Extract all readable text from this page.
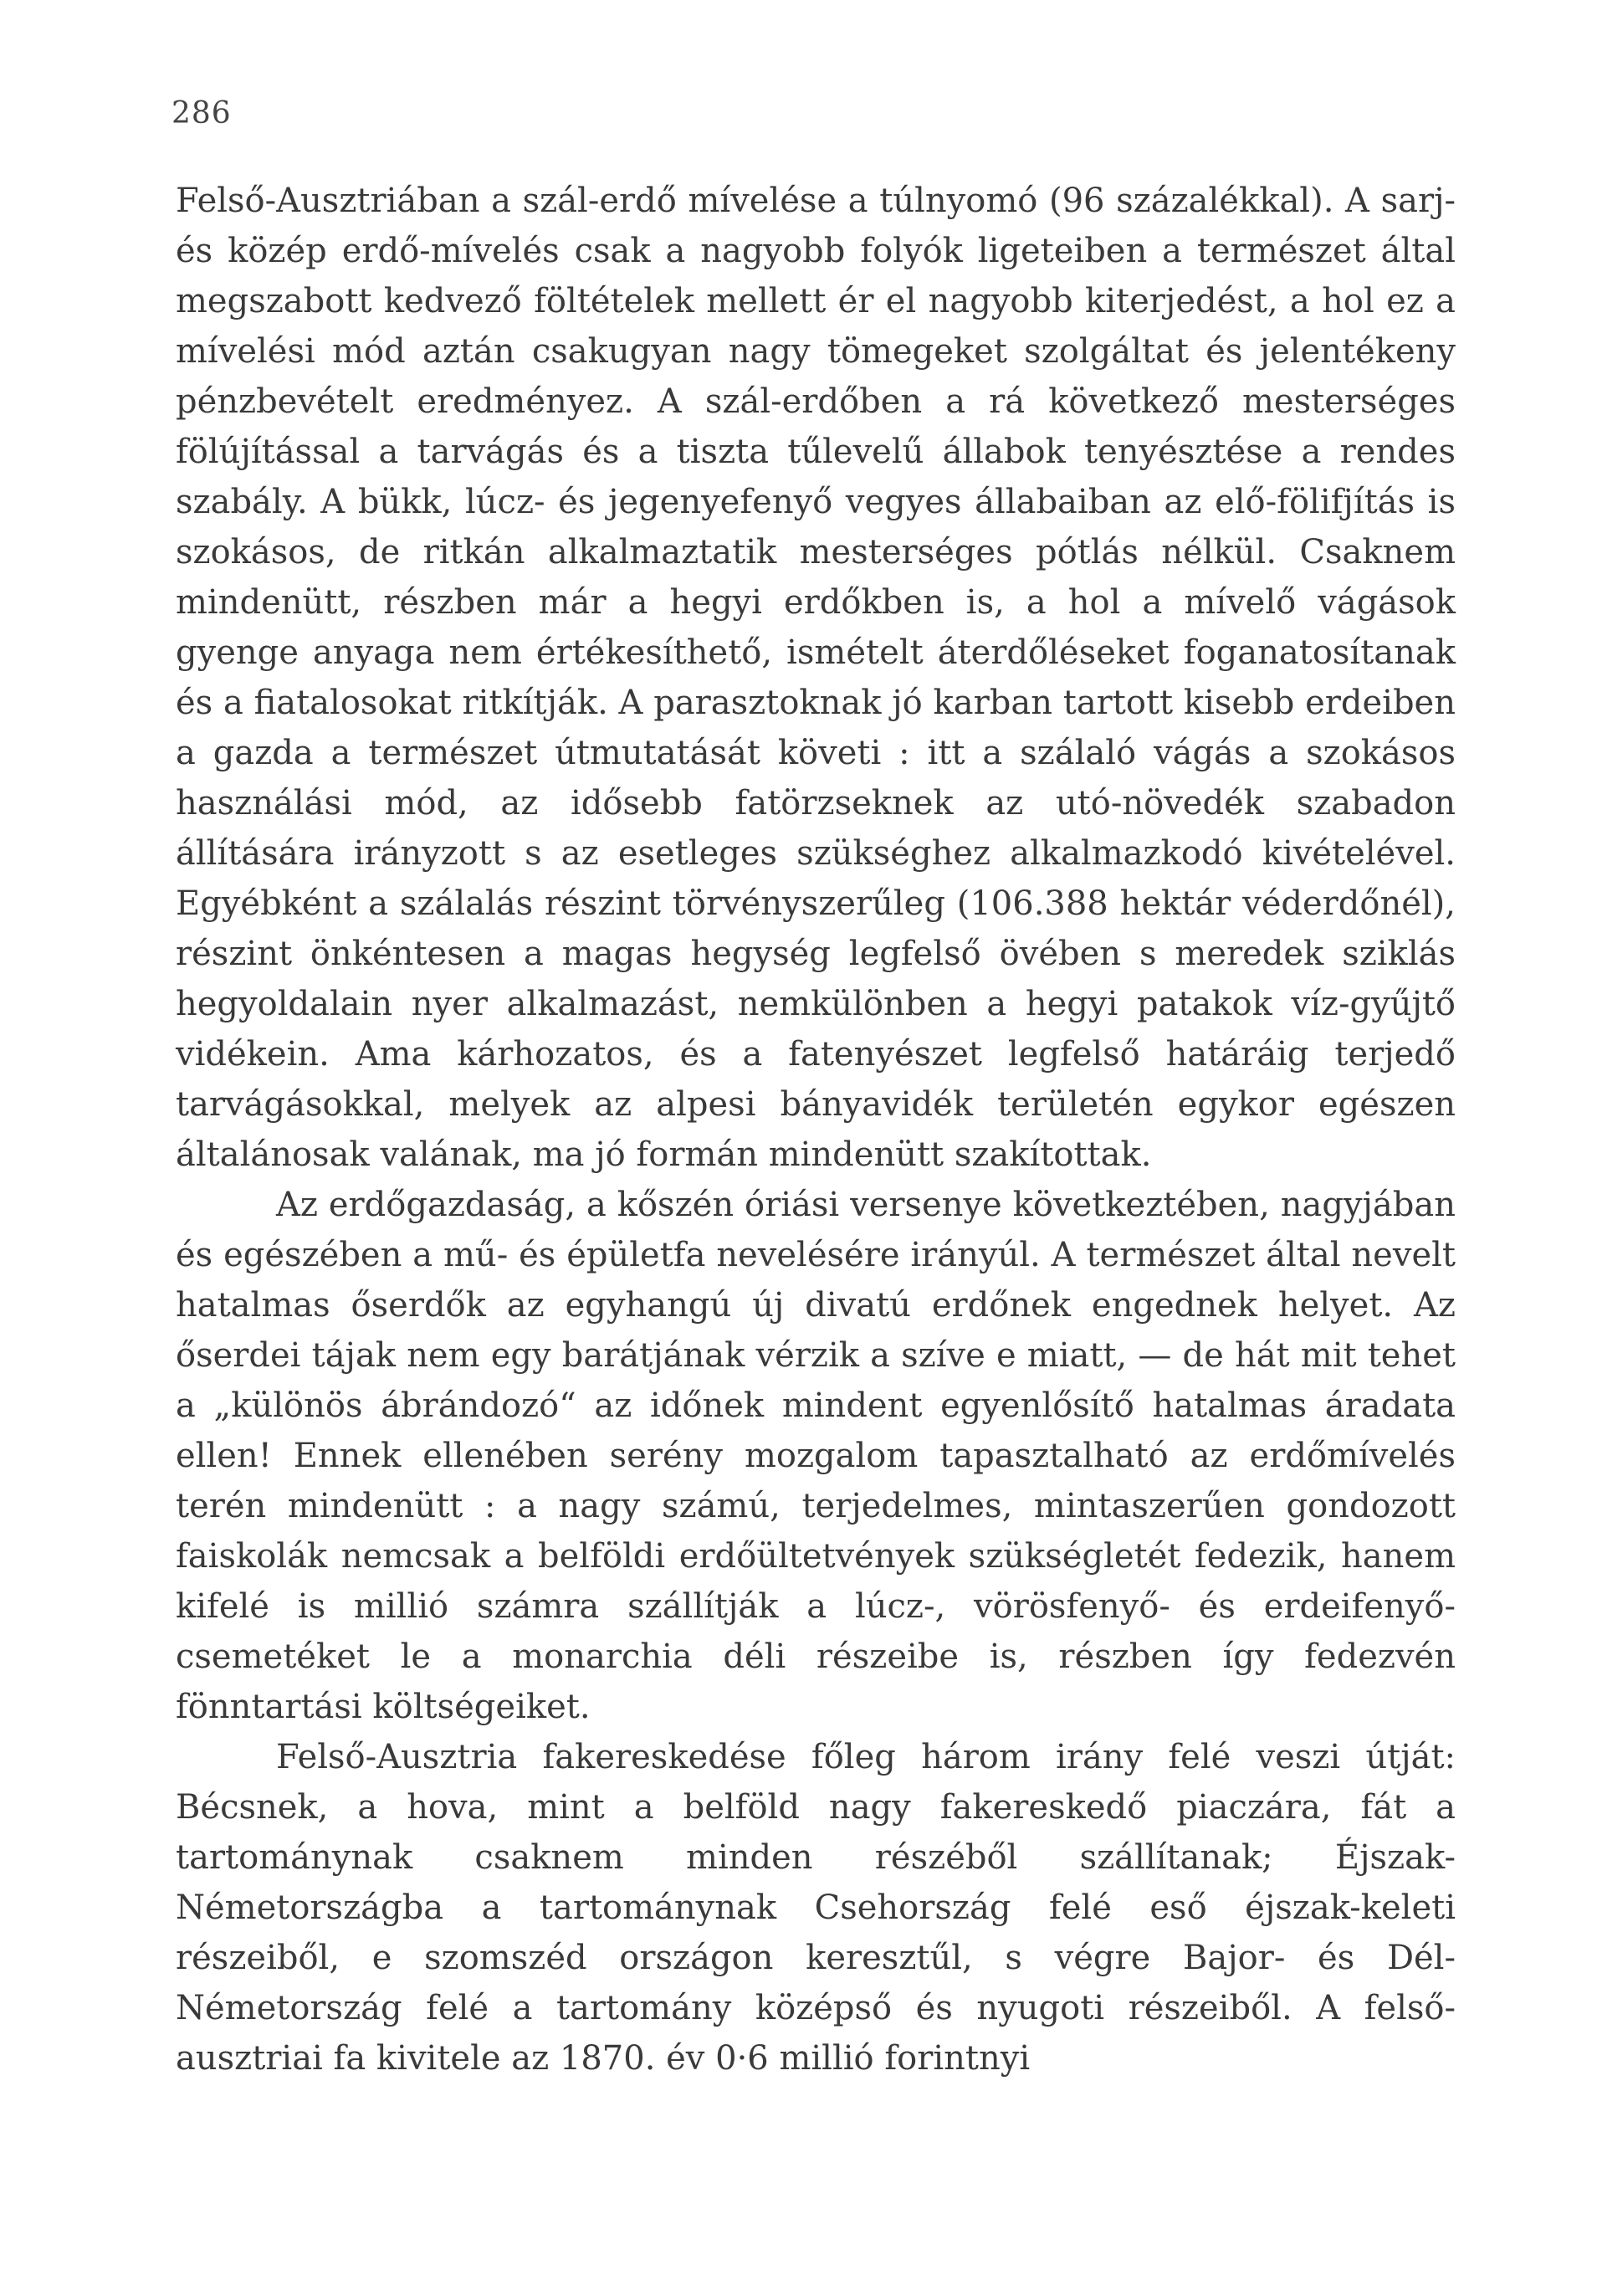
286

Felső-Ausztriában a szál-erdő mívelése a túlnyomó (96 százalékkal). A sarj- és közép erdő-mívelés csak a nagyobb folyók ligeteiben a természet által megszabott kedvező föltételek mellett ér el nagyobb kiterjedést, a hol ez a mívelési mód aztán csakugyan nagy tömegeket szolgáltat és jelentékeny pénzbevételt eredményez. A szál-erdőben a rá következő mesterséges fölújítással a tarvágás és a tiszta tűlevelű állabok tenyésztése a rendes szabály. A bükk, lúcz- és jegenyefenyő vegyes állabaiban az elő-fölifjítás is szokásos, de ritkán alkalmaztatik mesterséges pótlás nélkül. Csaknem mindenütt, részben már a hegyi erdőkben is, a hol a mívelő vágások gyenge anyaga nem értékesíthető, ismételt áterdőléseket foganatosítanak és a fiatalosokat ritkítják. A parasztoknak jó karban tartott kisebb erdeiben a gazda a természet útmutatását követi : itt a szálaló vágás a szokásos használási mód, az idősebb fatörzseknek az utó-növedék szabadon állítására irányzott s az esetleges szükséghez alkalmazkodó kivételével. Egyébként a szálalás részint törvényszerűleg (106.388 hektár véderdőnél), részint önkéntesen a magas hegység legfelső övében s meredek sziklás hegyoldalain nyer alkalmazást, nemkülönben a hegyi patakok víz-gyűjtő vidékein. Ama kárhozatos, és a fatenyészet legfelső határáig terjedő tarvágásokkal, melyek az alpesi bányavidék területén egykor egészen általánosak valának, ma jó formán mindenütt szakítottak.

Az erdőgazdaság, a kőszén óriási versenye következtében, nagyjában és egészében a mű- és épületfa nevelésére irányúl. A természet által nevelt hatalmas őserdők az egyhangú új divatú erdőnek engednek helyet. Az őserdei tájak nem egy barátjának vérzik a szíve e miatt, — de hát mit tehet a „különös ábrándozó“ az időnek mindent egyenlősítő hatalmas áradata ellen! Ennek ellenében serény mozgalom tapasztalható az erdőmívelés terén mindenütt : a nagy számú, terjedelmes, mintaszerűen gondozott faiskolák nemcsak a belföldi erdőültetvények szükségletét fedezik, hanem kifelé is millió számra szállítják a lúcz-, vörösfenyő- és erdeifenyő-csemetéket le a monarchia déli részeibe is, részben így fedezvén fönntartási költségeiket.

Felső-Ausztria fakereskedése főleg három irány felé veszi útját: Bécsnek, a hova, mint a belföld nagy fakereskedő piaczára, fát a tartománynak csaknem minden részéből szállítanak; Éjszak-Németországba a tartománynak Csehország felé eső éjszak-keleti részeiből, e szomszéd országon keresztűl, s végre Bajor- és Dél-Németország felé a tartomány középső és nyugoti részeiből. A felső-ausztriai fa kivitele az 1870. év 0·6 millió forintnyi
